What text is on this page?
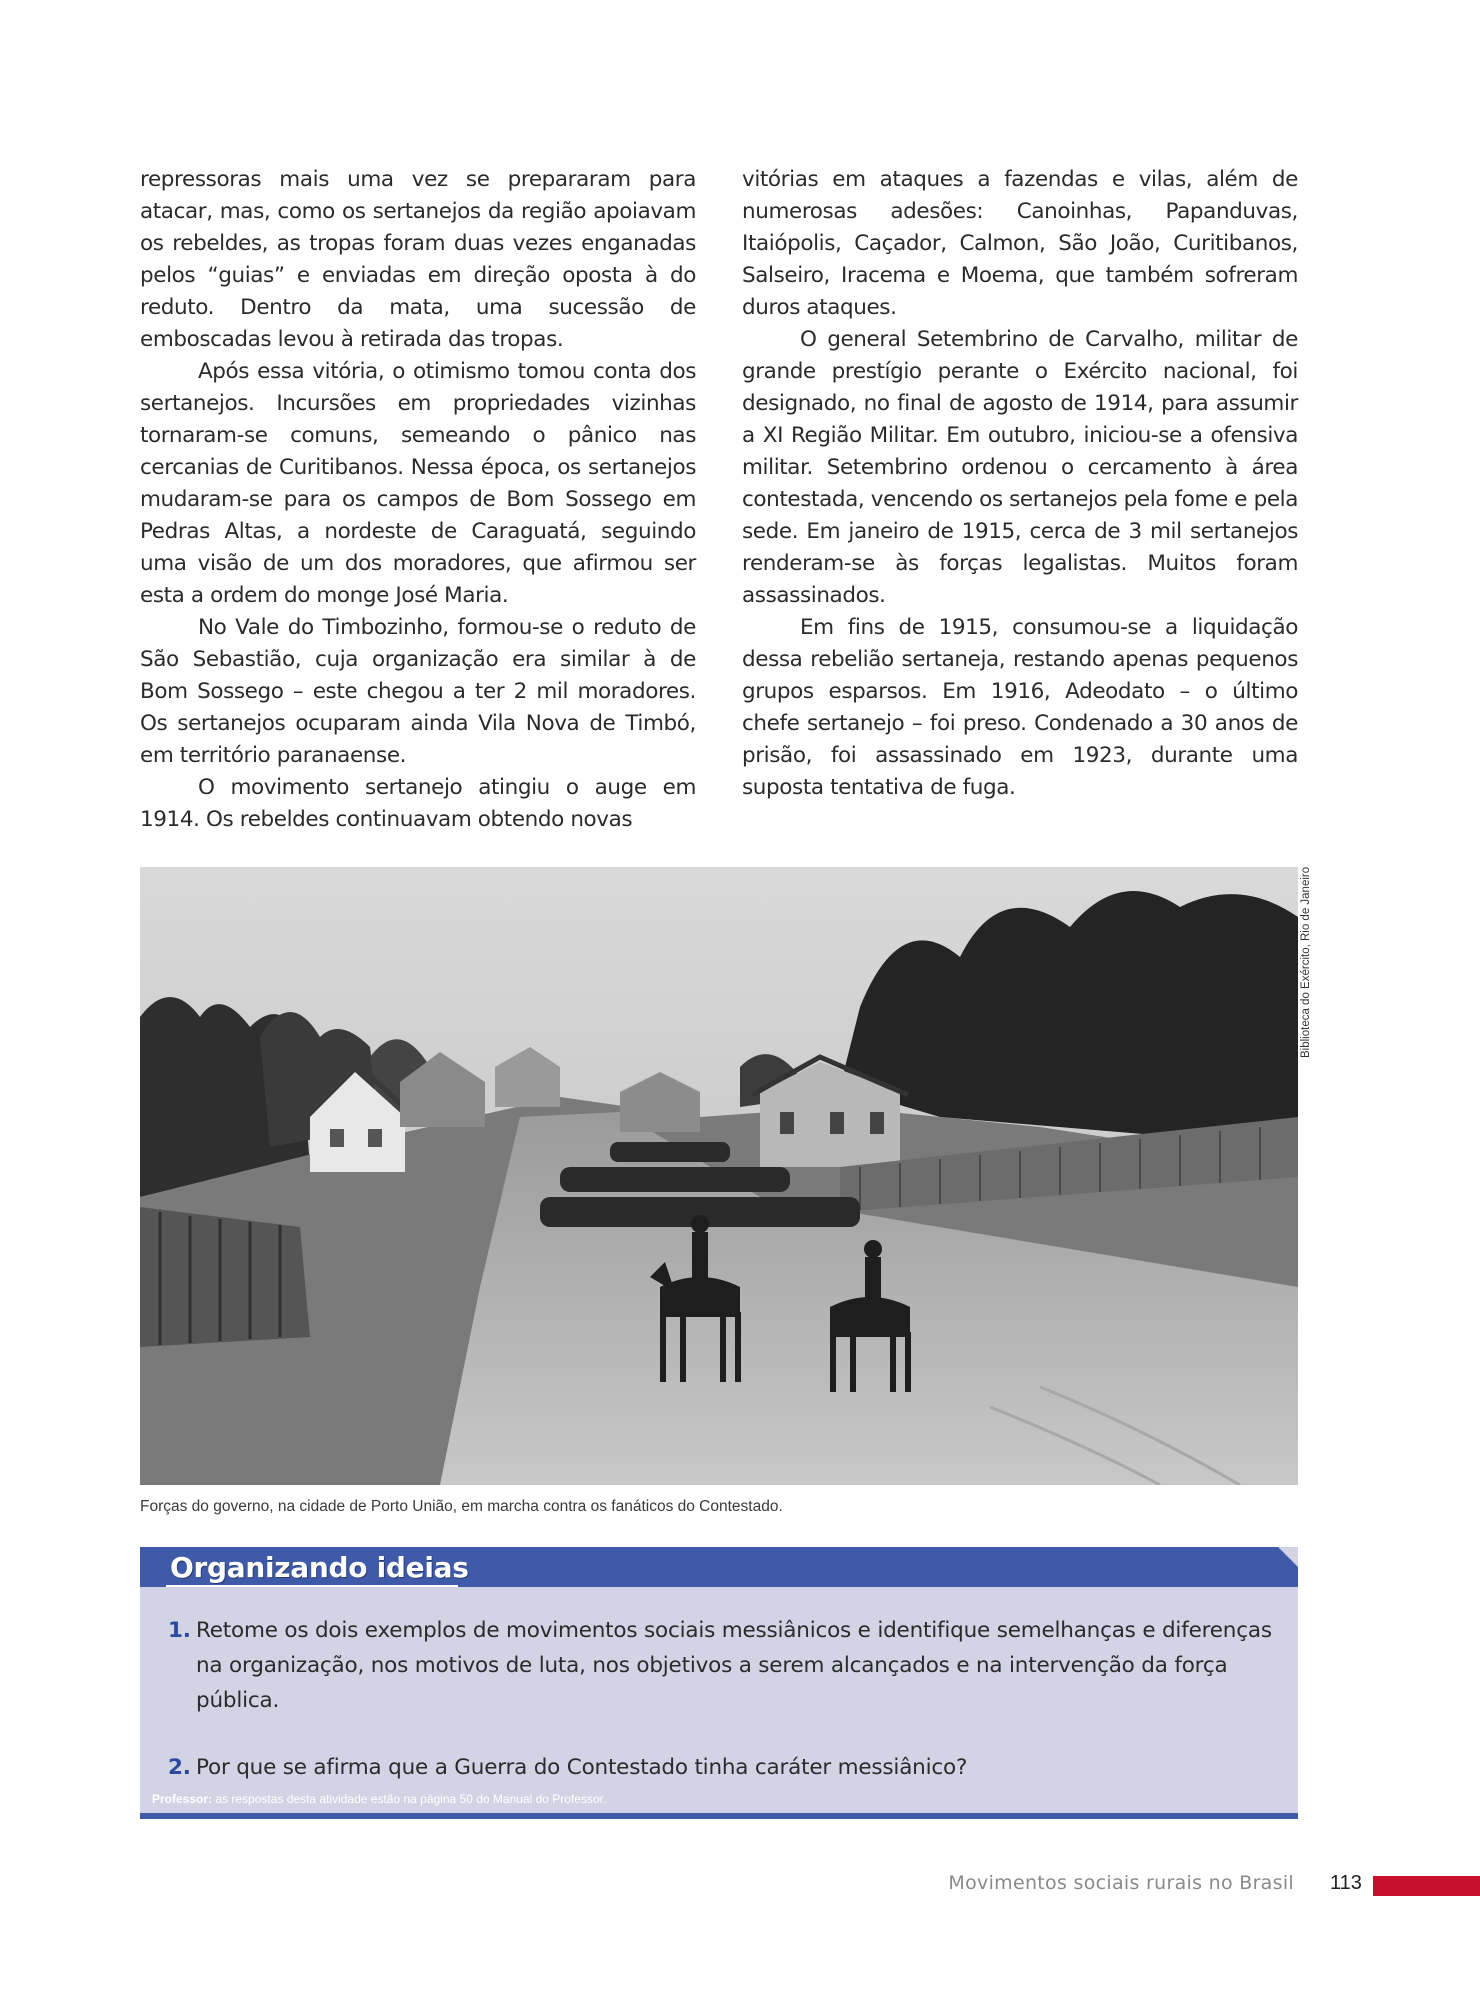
repressoras mais uma vez se prepararam para atacar, mas, como os sertanejos da região apoiavam os rebeldes, as tropas foram duas vezes enganadas pelos “guias” e enviadas em direção oposta à do reduto. Dentro da mata, uma sucessão de emboscadas levou à retirada das tropas.

Após essa vitória, o otimismo tomou conta dos sertanejos. Incursões em propriedades vizinhas tornaram-se comuns, semeando o pânico nas cercanias de Curitibanos. Nessa época, os sertanejos mudaram-se para os campos de Bom Sossego em Pedras Altas, a nordeste de Caraguatá, seguindo uma visão de um dos moradores, que afirmou ser esta a ordem do monge José Maria.

No Vale do Timbozinho, formou-se o reduto de São Sebastião, cuja organização era similar à de Bom Sossego – este chegou a ter 2 mil moradores. Os sertanejos ocuparam ainda Vila Nova de Timbó, em território paranaense.

O movimento sertanejo atingiu o auge em 1914. Os rebeldes continuavam obtendo novas

vitórias em ataques a fazendas e vilas, além de numerosas adesões: Canoinhas, Papanduvas, Itaiópolis, Caçador, Calmon, São João, Curitibanos, Salseiro, Iracema e Moema, que também sofreram duros ataques.

O general Setembrino de Carvalho, militar de grande prestígio perante o Exército nacional, foi designado, no final de agosto de 1914, para assumir a XI Região Militar. Em outubro, iniciou-se a ofensiva militar. Setembrino ordenou o cercamento à área contestada, vencendo os sertanejos pela fome e pela sede. Em janeiro de 1915, cerca de 3 mil sertanejos renderam-se às forças legalistas. Muitos foram assassinados.

Em fins de 1915, consumou-se a liquidação dessa rebelião sertaneja, restando apenas pequenos grupos esparsos. Em 1916, Adeodato – o último chefe sertanejo – foi preso. Condenado a 30 anos de prisão, foi assassinado em 1923, durante uma suposta tentativa de fuga.

Biblioteca do Exército, Rio de Janeiro
Forças do governo, na cidade de Porto União, em marcha contra os fanáticos do Contestado.
Organizando ideias
1. Retome os dois exemplos de movimentos sociais messiânicos e identifique semelhanças e diferenças na organização, nos motivos de luta, nos objetivos a serem alcançados e na intervenção da força pública.
2. Por que se afirma que a Guerra do Contestado tinha caráter messiânico?
Professor: as respostas desta atividade estão na página 50 do Manual do Professor.
Movimentos sociais rurais no Brasil 113
